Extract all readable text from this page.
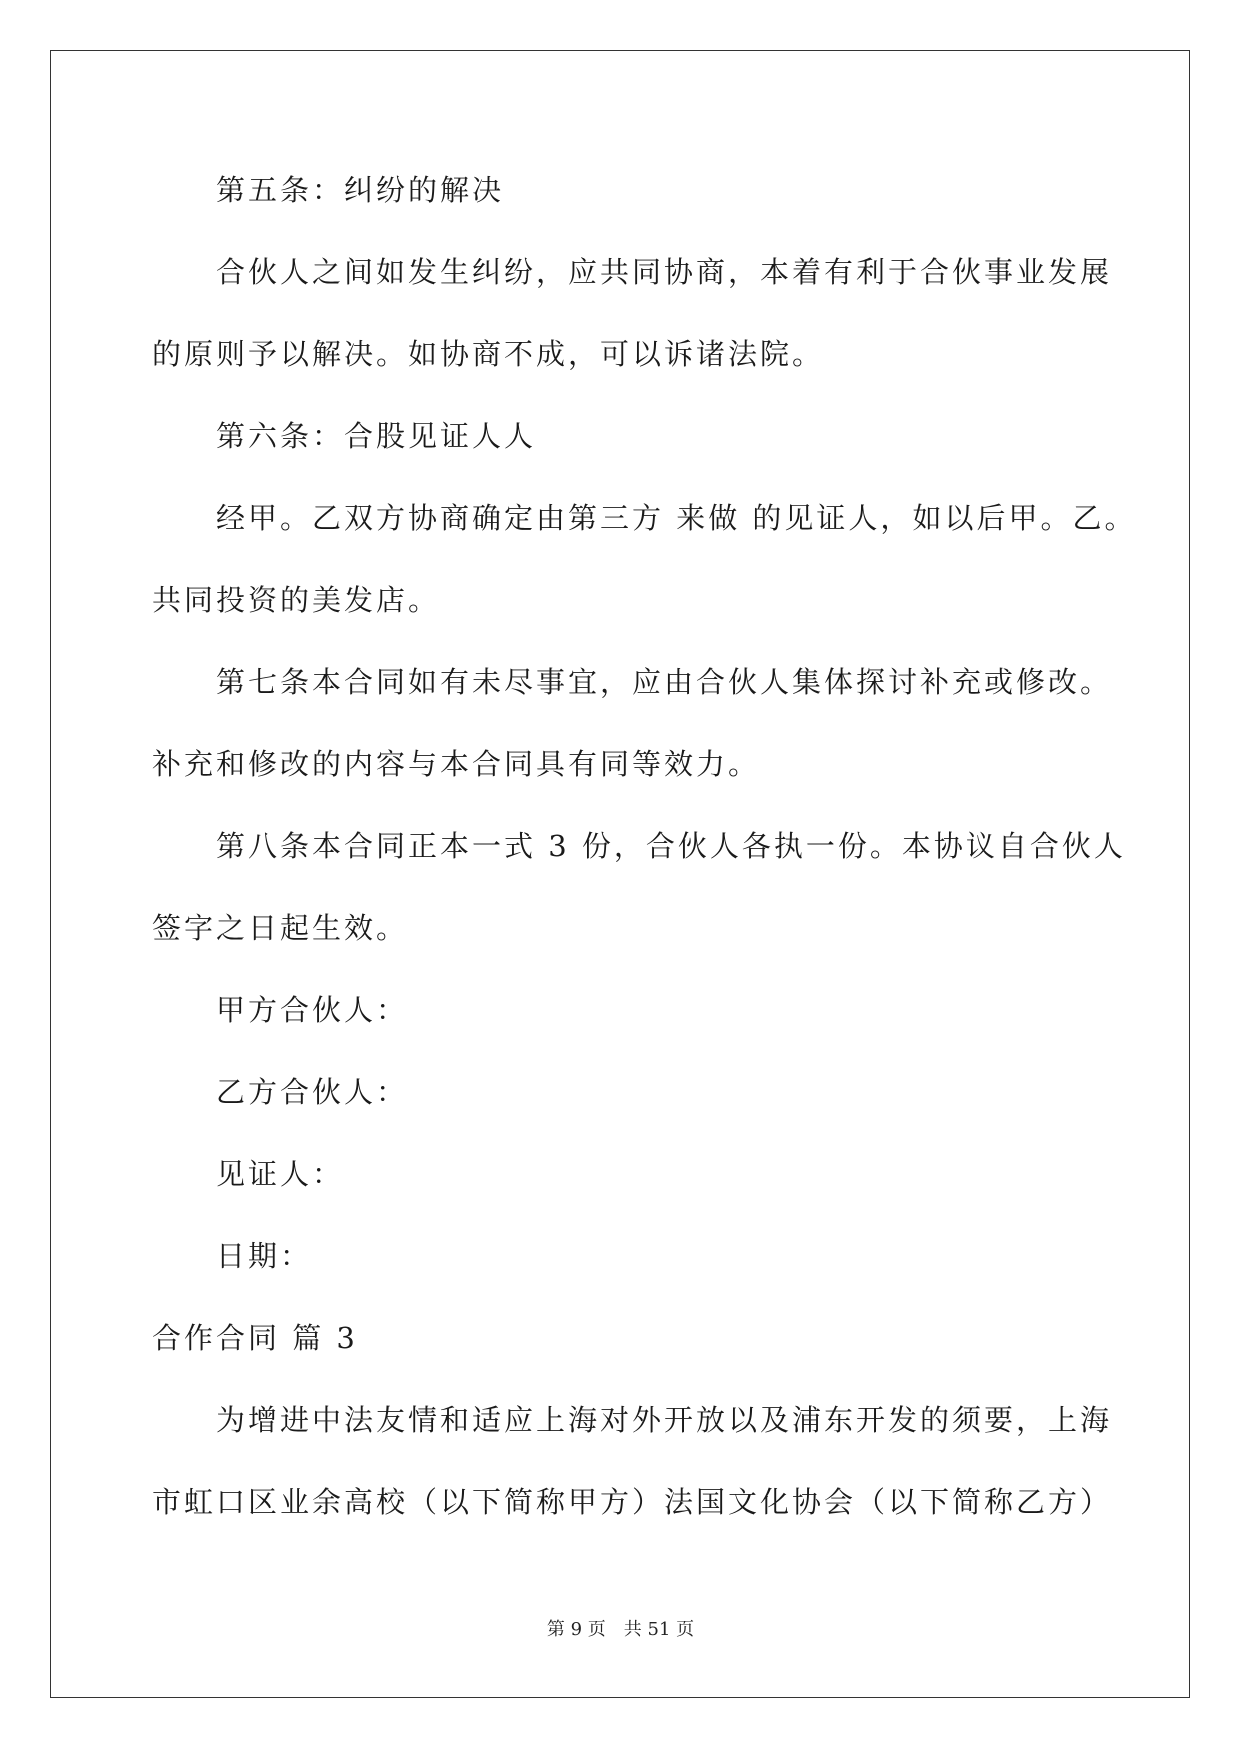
第五条：纠纷的解决
合伙人之间如发生纠纷，应共同协商，本着有利于合伙事业发展
的原则予以解决。如协商不成，可以诉诸法院。
第六条：合股见证人人
经甲。乙双方协商确定由第三方 来做 的见证人，如以后甲。乙。
共同投资的美发店。
第七条本合同如有未尽事宜，应由合伙人集体探讨补充或修改。
补充和修改的内容与本合同具有同等效力。
第八条本合同正本一式 3 份，合伙人各执一份。本协议自合伙人
签字之日起生效。
甲方合伙人：
乙方合伙人：
见证人：
日期：
合作合同 篇 3
为增进中法友情和适应上海对外开放以及浦东开发的须要，上海
市虹口区业余高校（以下简称甲方）法国文化协会（以下简称乙方）
第 9 页 共 51 页
